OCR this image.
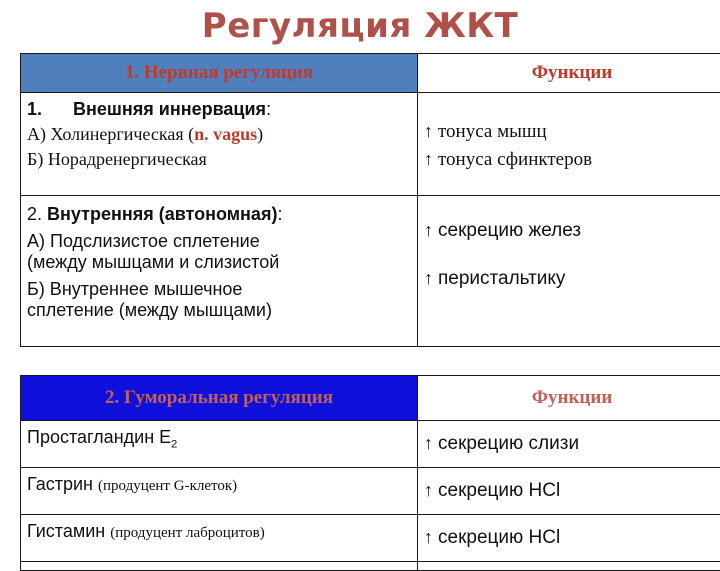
Регуляция ЖКТ
1. Нервная регуляция	Функции

1. Внешняя иннервация:
А) Холинергическая (n. vagus)
Б) Норадренергическая	↑ тонуса мышц
↑ тонуса сфинктеров

2. Внутренняя (автономная):
А) Подслизистое сплетение
(между мышцами и слизистой
Б) Внутреннее мышечное
сплетение (между мышцами)	↑ секрецию желез
↑ перистальтику
2. Гуморальная регуляция	Функции
Простагландин $Е_2$	↑ секрецию слизи
Гастрин (продуцент G-клеток)	↑ секрецию HCl
Гистамин (продуцент лаброцитов)	↑ секрецию HCl
